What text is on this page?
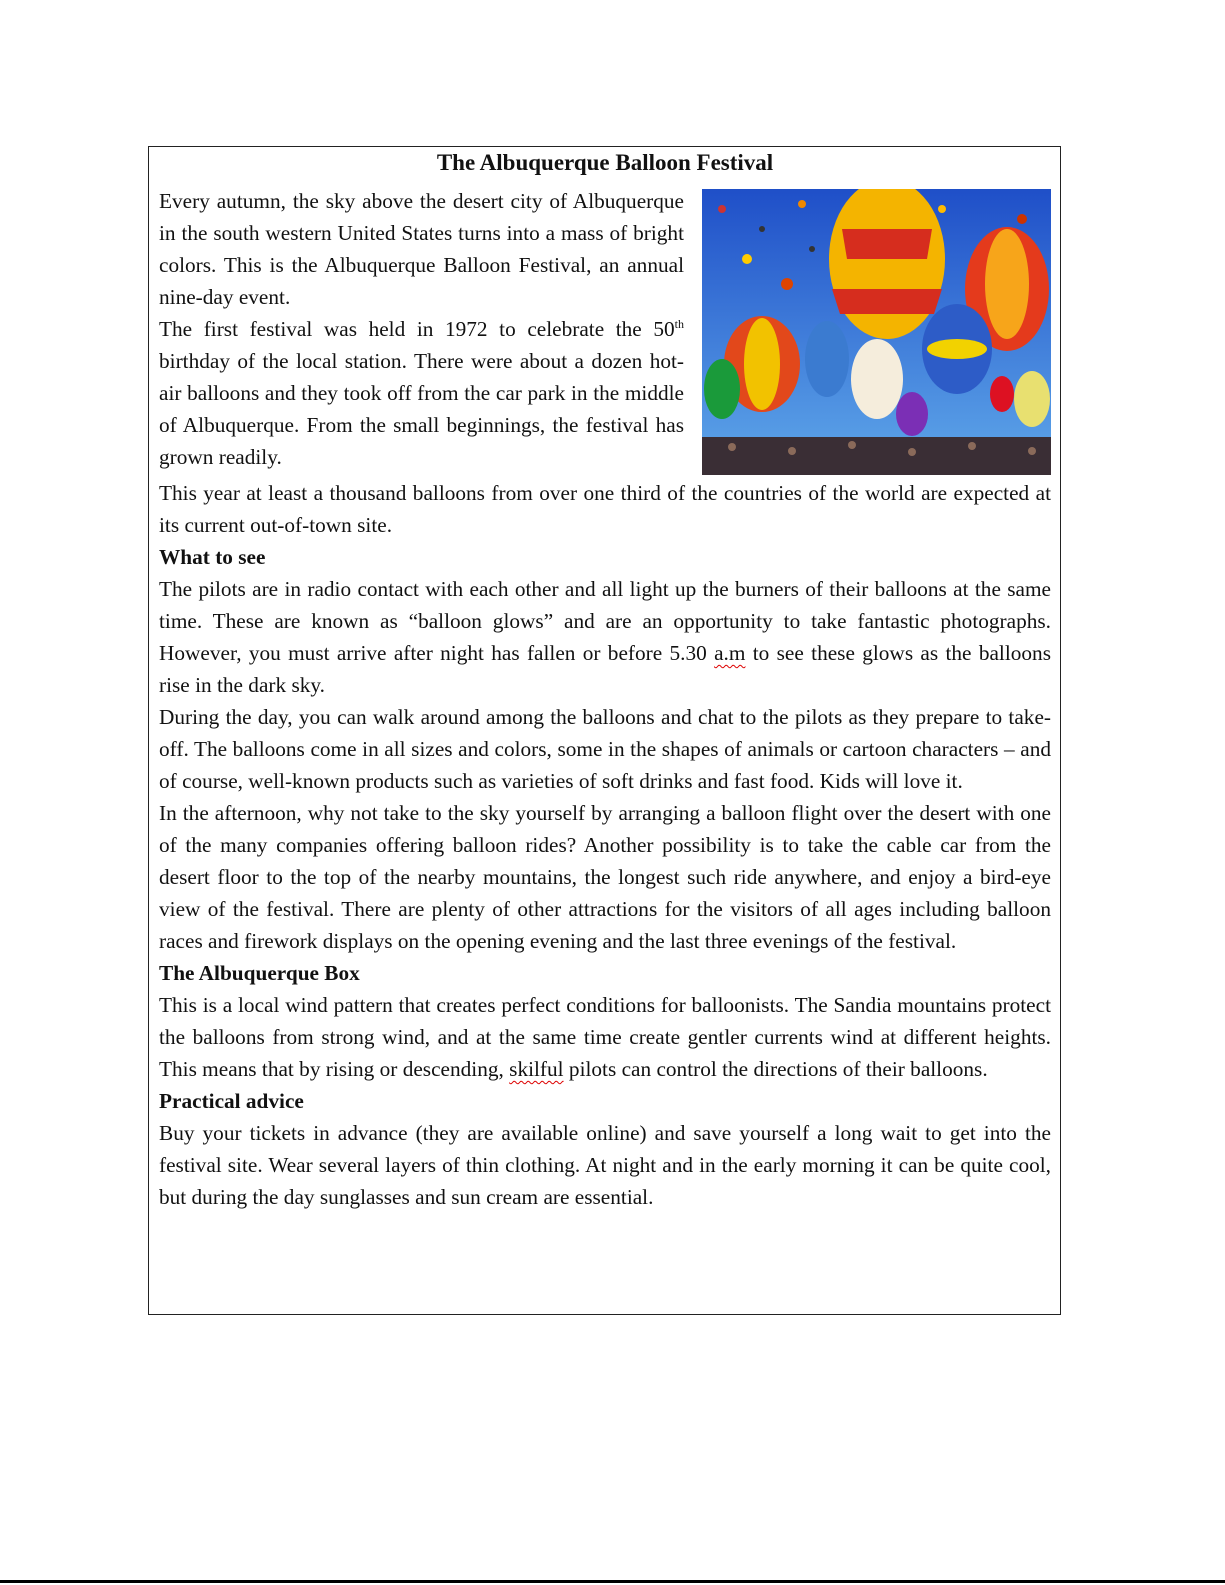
The Albuquerque Balloon Festival

Every autumn, the sky above the desert city of Albuquerque in the south western United States turns into a mass of bright colors. This is the Albuquerque Balloon Festival, an annual nine-day event.

The first festival was held in 1972 to celebrate the 50th birthday of the local station. There were about a dozen hot-air balloons and they took off from the car park in the middle of Albuquerque. From the small beginnings, the festival has grown readily.

This year at least a thousand balloons from over one third of the countries of the world are expected at its current out-of-town site.

What to see

The pilots are in radio contact with each other and all light up the burners of their balloons at the same time. These are known as “balloon glows” and are an opportunity to take fantastic photographs. However, you must arrive after night has fallen or before 5.30 a.m to see these glows as the balloons rise in the dark sky.

During the day, you can walk around among the balloons and chat to the pilots as they prepare to take-off. The balloons come in all sizes and colors, some in the shapes of animals or cartoon characters – and of course, well-known products such as varieties of soft drinks and fast food. Kids will love it.

In the afternoon, why not take to the sky yourself by arranging a balloon flight over the desert with one of the many companies offering balloon rides? Another possibility is to take the cable car from the desert floor to the top of the nearby mountains, the longest such ride anywhere, and enjoy a bird-eye view of the festival. There are plenty of other attractions for the visitors of all ages including balloon races and firework displays on the opening evening and the last three evenings of the festival.

The Albuquerque Box

This is a local wind pattern that creates perfect conditions for balloonists. The Sandia mountains protect the balloons from strong wind, and at the same time create gentler currents wind at different heights. This means that by rising or descending, skilful pilots can control the directions of their balloons.

Practical advice

Buy your tickets in advance (they are available online) and save yourself a long wait to get into the festival site. Wear several layers of thin clothing. At night and in the early morning it can be quite cool, but during the day sunglasses and sun cream are essential.
